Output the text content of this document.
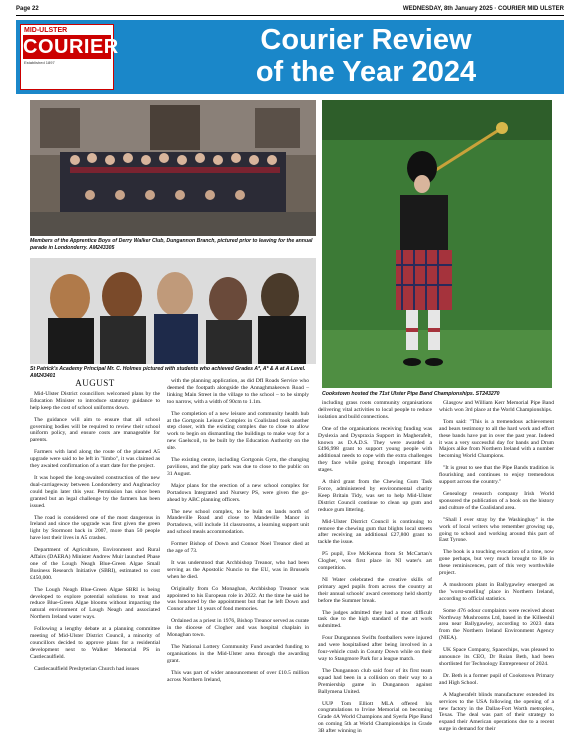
Page 22	WEDNESDAY, 8th January 2025 · COURIER MID ULSTER
MID-ULSTER
COURIER
Established 1897
Courier Review
of the Year 2024
Members of the Apprentice Boys of Derry Walker Club, Dungannon Branch, pictured prior to leaving for the annual parade in Londonderry. AM243305
St Patrick's Academy Principal Mr. C. Holmes pictured with students who achieved Grades A*, A* & A at A Level. AM243401
Cookstown hosted the 71st Ulster Pipe Band Championships. ST243270
AUGUST

Mid-Ulster District councillors welcomed plans by the Education Minister to introduce statutory guidance to help keep the cost of school uniforms down.

The guidance will aim to ensure that all school governing bodies will be required to review their school uniform policy, and ensure costs are manageable for parents.

Farmers with land along the route of the planned A5 upgrade were said to be left in "limbo", it was claimed as they awaited confirmation of a start date for the project.

It was hoped the long-awaited construction of the new dual-carriageway between Londonderry and Aughnacloy could begin later this year. Permission has since been granted but an legal challenge by the farmers has been issued.

The road is considered one of the most dangerous in Ireland and since the upgrade was first given the green light by Stormont back in 2007, more than 50 people have lost their lives in A5 crashes.

Department of Agriculture, Environment and Rural Affairs (DAERA) Minister Andrew Muir launched Phase one of the Lough Neagh Blue-Green Algae Small Business Research Initiative (SBRI), estimated to cost £450,000.

The Lough Neagh Blue-Green Algae SBRI is being developed to explore potential solutions to treat and reduce Blue-Green Algae blooms without impacting the natural environment of Lough Neagh and associated Northern Ireland water ways.

Following a lengthy debate at a planning committee meeting of Mid-Ulster District Council, a minority of councillors decided to approve plans for a residential development next to Walker Memorial PS in Castlecaulfield.

Castlecaulfield Presbyterian Church had issues

with the planning application, as did DfI Roads Service who deemed the footpath alongside the Annaghmakeown Road – linking Main Street in the village to the school – to be simply too narrow, with a width of 90cm to 1.1m.

The completion of a new leisure and community health hub at the Gortgonis Leisure Complex in Coalisland took another step closer, with the existing complex due to close to allow work to begin on dismantling the buildings to make way for a new Gaelscoil, to be built by the Education Authority on the site.

The existing centre, including Gortgonis Gym, the changing pavilions, and the play park was due to close to the public on 31 August.

Major plans for the erection of a new school complex for Portadown Integrated and Nursery PS, were given the go-ahead by ABC planning officers.

The new school complex, to be built on lands north of Mandeville Road and close to Mandeville Manor in Portadown, will include 14 classrooms, a learning support unit and school meals accommodation.

Former Bishop of Down and Connor Noel Treanor died at the age of 73.

It was understood that Archbishop Treanor, who had been serving as the Apostolic Nuncio to the EU, was in Brussels when he died.

Originally from Co Monaghan, Archbishop Treanor was appointed to his European role in 2022. At the time he said he was honoured by the appointment but that he left Down and Connor after 14 years of fond memories.

Ordained as a priest in 1976, Bishop Treanor served as curate in the diocese of Clogher and was hospital chaplain in Monaghan town.

The National Lottery Community Fund awarded funding to organisations in the Mid-Ulster area through the awarding grant.

This was part of wider announcement of over £10.5 million across Northern Ireland,

including grass roots community organisations delivering vital activities to local people to reduce isolation and build connections.

One of the organisations receiving funding was Dyslexia and Dyspraxia Support in Magherafelt, known as D.A.D.S. They were awarded a £496,998 grant to support young people with additional needs to cope with the extra challenges they face while going through important life stages.

A third grant from the Chewing Gum Task Force, administered by environmental charity Keep Britain Tidy, was set to help Mid-Ulster District Council continue to clean up gum and reduce gum littering.

Mid-Ulster District Council is continuing to remove the chewing gum that blights local streets after receiving an additional £27,800 grant to tackle the issue.

P5 pupil, Eve McKenna from St McCartan's Clogher, won first place in NI water's art competition.

NI Water celebrated the creative skills of primary aged pupils from across the country at their annual schools' award ceremony held shortly before the Summer break.

The judges admitted they had a most difficult task due to the high standard of the art work submitted.

Four Dungannon Swifts footballers were injured and were hospitalised after being involved in a four-vehicle crash in County Down while on their way to Stangmore Park for a league match.

The Dungannon club said four of its first team squad had been in a collision on their way to a Premiership game in Dungannon against Ballymena United.

UUP Tom Elliott MLA offered his congratulations to Irvine Memorial on becoming Grade 4A World Champions and Syerla Pipe Band on coming 5th at World Championships in Grade 3B after winning in

Glasgow and William Kerr Memorial Pipe Band which won 3rd place at the World Championships.

Tom said: "This is a tremendous achievement and bears testimony to all the hard work and effort these bands have put in over the past year. Indeed it was a very successful day for bands and Drum Majors alike from Northern Ireland with a number becoming World Champions.

"It is great to see that the Pipe Bands tradition is flourishing and continues to enjoy tremendous support across the country."

Genealogy research company Irish World sponsored the publication of a book on the history and culture of the Coalisland area.

"Shall I ever stray by the Washingbay" is the work of local writers who remember growing up, going to school and working around this part of East Tyrone.

The book is a touching evocation of a time, now gone perhaps, but very much brought to life in these reminiscences, part of this very worthwhile project.

A mushroom plant in Ballygawley emerged as the 'worst-smelling' place in Northern Ireland, according to official statistics.

Some 476 odour complaints were received about Northway Mushrooms Ltd, based in the Killeeshil area near Ballygawley, according to 2023 data from the Northern Ireland Environment Agency (NIEA).

UK Space Company, Spacechips, was pleased to announce its CEO, Dr Ruian Beth, had been shortlisted for Technology Entrepreneur of 2024.

Dr. Beth is a former pupil of Cookstown Primary and High School.

A Magherafelt blinds manufacturer extended its services to the USA following the opening of a new factory in the Dallas-Fort Worth metroplex, Texas. The deal was part of their strategy to expand their American operations due to a recent surge in demand for their
